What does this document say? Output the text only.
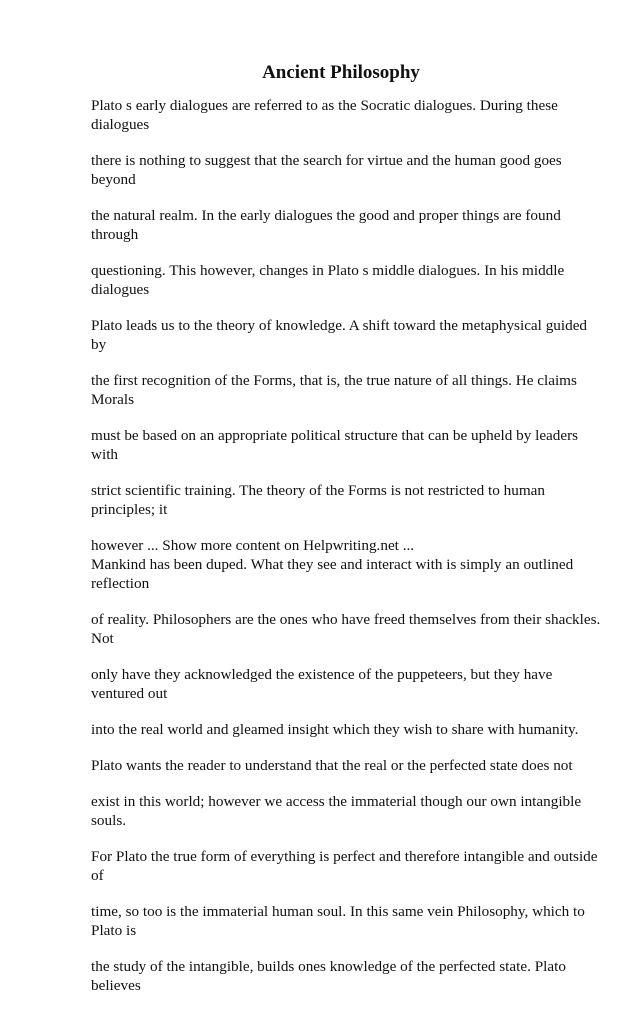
Ancient Philosophy

Plato s early dialogues are referred to as the Socratic dialogues. During these dialogues

there is nothing to suggest that the search for virtue and the human good goes beyond

the natural realm. In the early dialogues the good and proper things are found through

questioning. This however, changes in Plato s middle dialogues. In his middle dialogues

Plato leads us to the theory of knowledge. A shift toward the metaphysical guided by

the first recognition of the Forms, that is, the true nature of all things. He claims Morals

must be based on an appropriate political structure that can be upheld by leaders with

strict scientific training. The theory of the Forms is not restricted to human principles; it

however ... Show more content on Helpwriting.net ...

Mankind has been duped. What they see and interact with is simply an outlined reflection

of reality. Philosophers are the ones who have freed themselves from their shackles. Not

only have they acknowledged the existence of the puppeteers, but they have ventured out

into the real world and gleamed insight which they wish to share with humanity.

Plato wants the reader to understand that the real or the perfected state does not

exist in this world; however we access the immaterial though our own intangible souls.

For Plato the true form of everything is perfect and therefore intangible and outside of

time, so too is the immaterial human soul. In this same vein Philosophy, which to Plato is

the study of the intangible, builds ones knowledge of the perfected state. Plato believes
